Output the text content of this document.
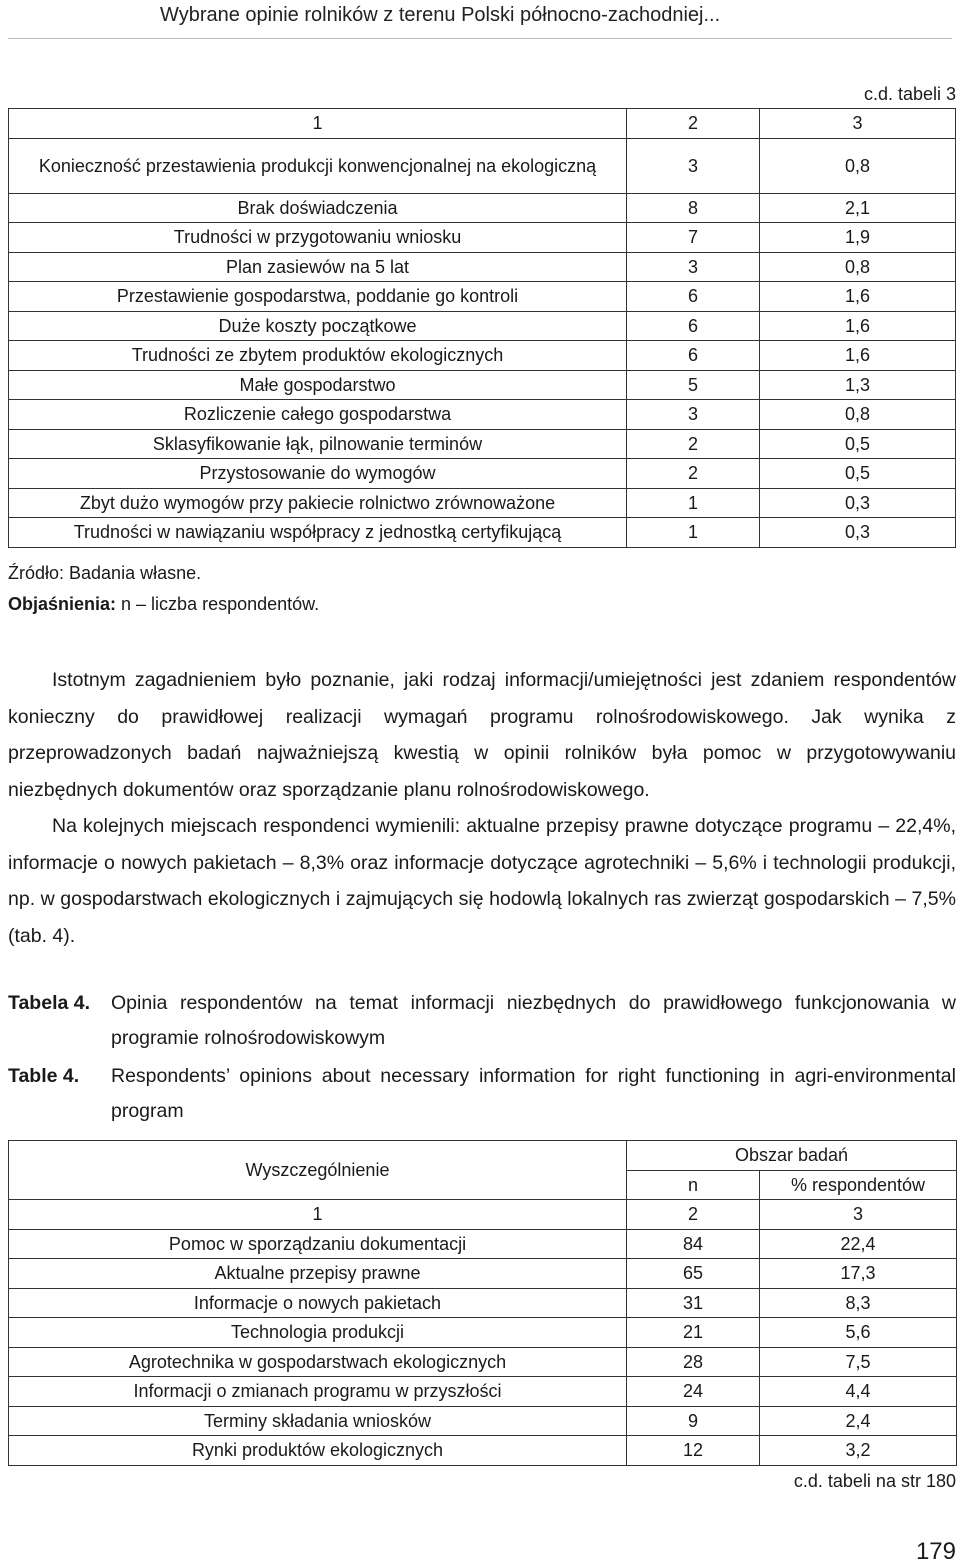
Wybrane opinie rolników z terenu Polski północno-zachodniej...
c.d. tabeli 3
1	2	3
Konieczność przestawienia produkcji konwencjonalnej na ekologiczną	3	0,8
Brak doświadczenia	8	2,1
Trudności w przygotowaniu wniosku	7	1,9
Plan zasiewów na 5 lat	3	0,8
Przestawienie gospodarstwa, poddanie go kontroli	6	1,6
Duże koszty początkowe	6	1,6
Trudności ze zbytem produktów ekologicznych	6	1,6
Małe gospodarstwo	5	1,3
Rozliczenie całego gospodarstwa	3	0,8
Sklasyfikowanie łąk, pilnowanie terminów	2	0,5
Przystosowanie do wymogów	2	0,5
Zbyt dużo wymogów przy pakiecie rolnictwo zrównoważone	1	0,3
Trudności w nawiązaniu współpracy z jednostką certyfikującą	1	0,3
Źródło: Badania własne.
Objaśnienia: n – liczba respondentów.

Istotnym zagadnieniem było poznanie, jaki rodzaj informacji/umiejętności jest zdaniem respondentów konieczny do prawidłowej realizacji wymagań programu rolnośrodowiskowego. Jak wynika z przeprowadzonych badań najważniejszą kwestią w opinii rolników była pomoc w przygotowywaniu niezbędnych dokumentów oraz sporządzanie planu rolnośrodowiskowego.

Na kolejnych miejscach respondenci wymienili: aktualne przepisy prawne dotyczące programu – 22,4%, informacje o nowych pakietach – 8,3% oraz informacje dotyczące agrotechniki – 5,6% i technologii produkcji, np. w gospodarstwach ekologicznych i zajmujących się hodowlą lokalnych ras zwierząt gospodarskich – 7,5% (tab. 4).

Tabela 4. Opinia respondentów na temat informacji niezbędnych do prawidłowego funkcjonowania w programie rolnośrodowiskowym
Table 4. Respondents’ opinions about necessary information for right functioning in agri-environmental program
Wyszczególnienie	Obszar badań	
	n	% respondentów
1	2	3
Pomoc w sporządzaniu dokumentacji	84	22,4
Aktualne przepisy prawne	65	17,3
Informacje o nowych pakietach	31	8,3
Technologia produkcji	21	5,6
Agrotechnika w gospodarstwach ekologicznych	28	7,5
Informacji o zmianach programu w przyszłości	24	4,4
Terminy składania wniosków	9	2,4
Rynki produktów ekologicznych	12	3,2
c.d. tabeli na str 180
179
